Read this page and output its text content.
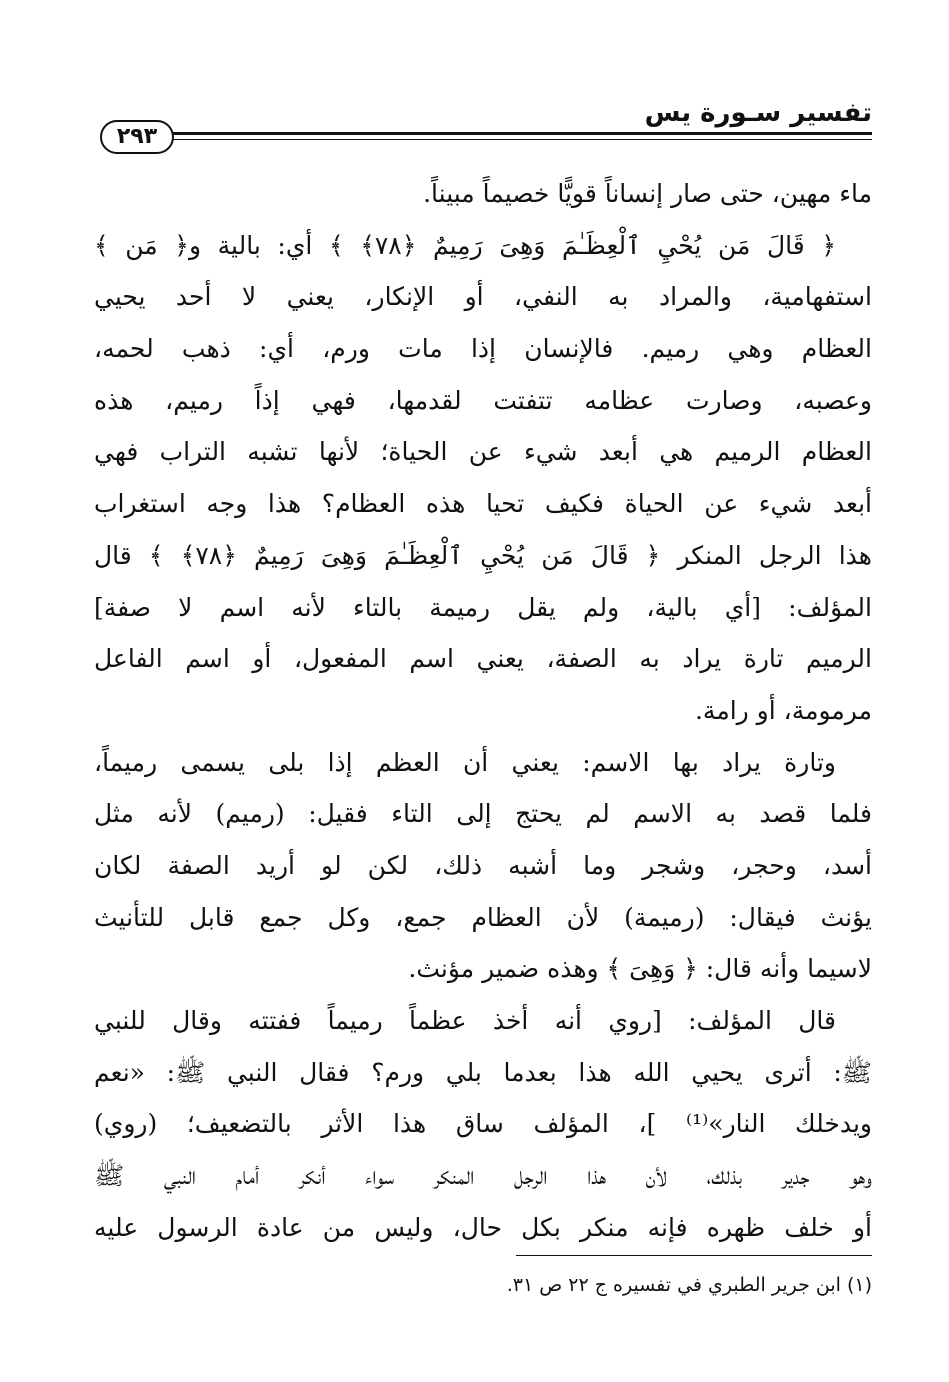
تفسير سـورة يس
٢٩٣
ماء مهين، حتى صار إنساناً قويًّا خصيماً مبيناً.
﴿ قَالَ مَن يُحْيِ ٱلْعِظَـٰمَ وَهِىَ رَمِيمٌ ﴿٧٨﴾ ﴾ أي: بالية و﴿ مَن ﴾
استفهامية، والمراد به النفي، أو الإنكار، يعني لا أحد يحيي
العظام وهي رميم. فالإنسان إذا مات ورم، أي: ذهب لحمه،
وعصبه، وصارت عظامه تتفتت لقدمها، فهي إذاً رميم، هذه
العظام الرميم هي أبعد شيء عن الحياة؛ لأنها تشبه التراب فهي
أبعد شيء عن الحياة فكيف تحيا هذه العظام؟ هذا وجه استغراب
هذا الرجل المنكر ﴿ قَالَ مَن يُحْيِ ٱلْعِظَـٰمَ وَهِىَ رَمِيمٌ ﴿٧٨﴾ ﴾ قال
المؤلف: [أي بالية، ولم يقل رميمة بالتاء لأنه اسم لا صفة]
الرميم تارة يراد به الصفة، يعني اسم المفعول، أو اسم الفاعل
مرمومة، أو رامة.
وتارة يراد بها الاسم: يعني أن العظم إذا بلى يسمى رميماً،
فلما قصد به الاسم لم يحتج إلى التاء فقيل: (رميم) لأنه مثل
أسد، وحجر، وشجر وما أشبه ذلك، لكن لو أريد الصفة لكان
يؤنث فيقال: (رميمة) لأن العظام جمع، وكل جمع قابل للتأنيث
لاسيما وأنه قال: ﴿ وَهِىَ ﴾ وهذه ضمير مؤنث.
قال المؤلف: [روي أنه أخذ عظماً رميماً ففتته وقال للنبي
ﷺ: أترى يحيي الله هذا بعدما بلي ورم؟ فقال النبي ﷺ: «نعم
ويدخلك النار»⁽¹⁾ ]، المؤلف ساق هذا الأثر بالتضعيف؛ (روي)
وهو جدير بذلك، لأن هذا الرجل المنكر سواء أنكر أمام النبي ﷺ
أو خلف ظهره فإنه منكر بكل حال، وليس من عادة الرسول عليه
(١) ابن جرير الطبري في تفسيره ج ٢٢ ص ٣١.
